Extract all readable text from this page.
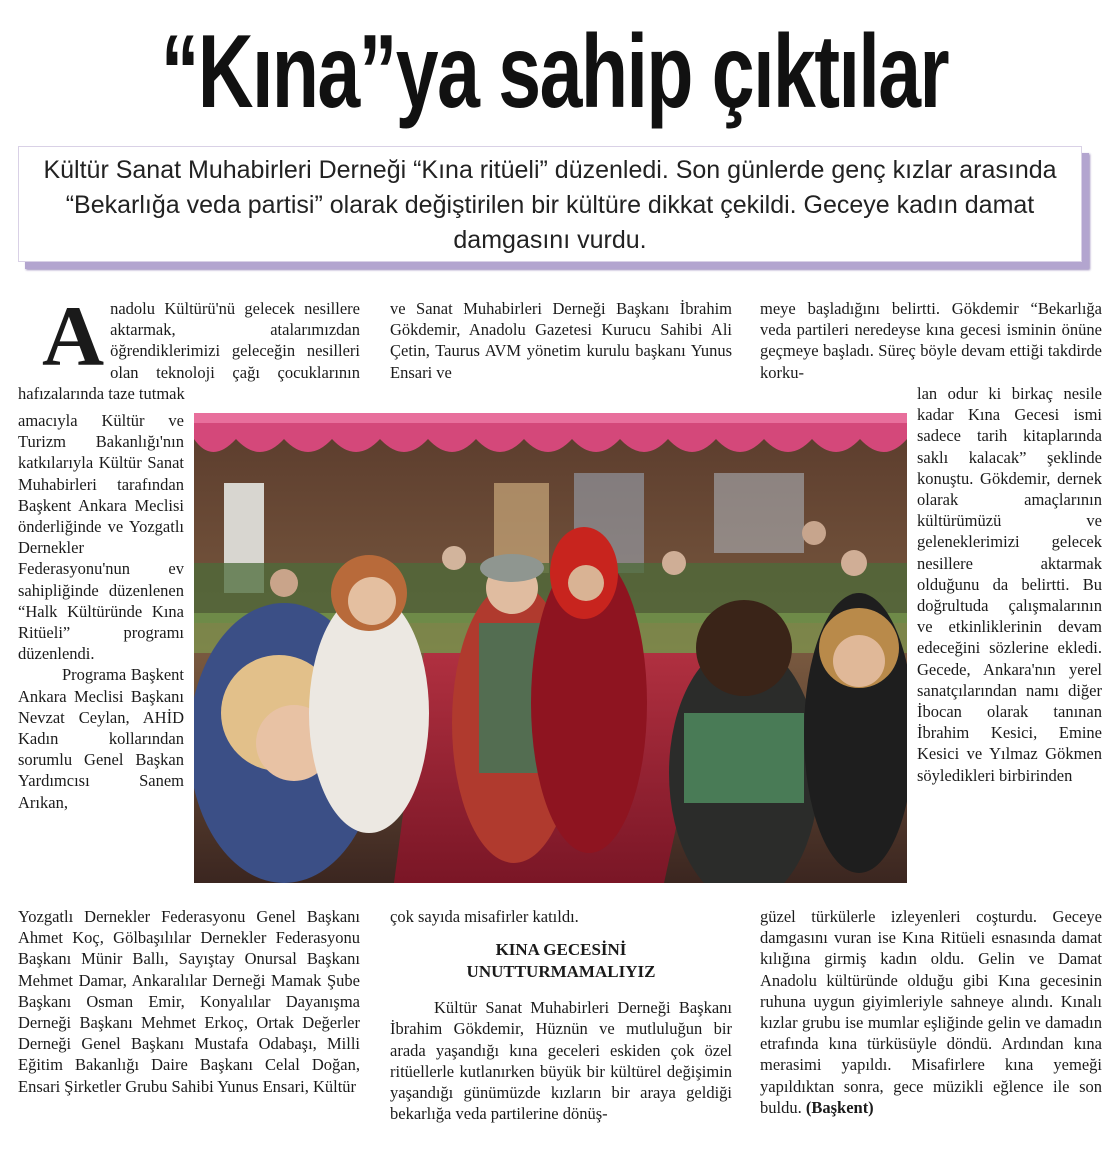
“Kına”ya sahip çıktılar
Kültür Sanat Muhabirleri Derneği “Kına ritüeli” düzenledi. Son günlerde genç kızlar arasında “Bekarlığa veda partisi” olarak değiştirilen bir kültüre dikkat çekildi. Geceye kadın damat damgasını vurdu.
A nadolu Kültürü'nü gelecek nesillere aktarmak, atalarımızdan öğrendiklerimizi geleceğin nesilleri olan teknoloji çağı çocuklarının hafızalarında taze tutmak

amacıyla Kültür ve Turizm Bakanlığı'nın katkılarıyla Kültür Sanat Muhabirleri tarafından Başkent Ankara Meclisi önderliğinde ve Yozgatlı Dernekler Federasyonu'nun ev sahipliğinde düzenlenen “Halk Kültüründe Kına Ritüeli” programı düzenlendi.

Programa Başkent Ankara Meclisi Başkanı Nevzat Ceylan, AHİD Kadın kollarından sorumlu Genel Başkan Yardımcısı Sanem Arıkan,

Yozgatlı Dernekler Federasyonu Genel Başkanı Ahmet Koç, Gölbaşılılar Dernekler Federasyonu Başkanı Münir Ballı, Sayıştay Onursal Başkanı Mehmet Damar, Ankaralılar Derneği Mamak Şube Başkanı Osman Emir, Konyalılar Dayanışma Derneği Başkanı Mehmet Erkoç, Ortak Değerler Derneği Genel Başkanı Mustafa Odabaşı, Milli Eğitim Bakanlığı Daire Başkanı Celal Doğan, Ensari Şirketler Grubu Sahibi Yunus Ensari, Kültür

ve Sanat Muhabirleri Derneği Başkanı İbrahim Gökdemir, Anadolu Gazetesi Kurucu Sahibi Ali Çetin, Taurus AVM yönetim kurulu başkanı Yunus Ensari ve

çok sayıda misafirler katıldı.

KINA GECESİNİ
UNUTTURMAMALIYIZ

Kültür Sanat Muhabirleri Derneği Başkanı İbrahim Gökdemir, Hüznün ve mutluluğun bir arada yaşandığı kına geceleri eskiden çok özel ritüellerle kutlanırken büyük bir kültürel değişimin yaşandığı günümüzde kızların bir araya geldiği bekarlığa veda partilerine dönüş-

meye başladığını belirtti. Gökdemir “Bekarlığa veda partileri neredeyse kına gecesi isminin önüne geçmeye başladı. Süreç böyle devam ettiği takdirde korku-

lan odur ki birkaç nesile kadar Kına Gecesi ismi sadece tarih kitaplarında saklı kalacak” şeklinde konuştu. Gökdemir, dernek olarak amaçlarının kültürümüzü ve geleneklerimizi gelecek nesillere aktarmak olduğunu da belirtti. Bu doğrultuda çalışmalarının ve etkinliklerinin devam edeceğini sözlerine ekledi. Gecede, Ankara'nın yerel sanatçılarından namı diğer İbocan olarak tanınan İbrahim Kesici, Emine Kesici ve Yılmaz Gökmen söyledikleri birbirinden

güzel türkülerle izleyenleri coşturdu. Geceye damgasını vuran ise Kına Ritüeli esnasında damat kılığına girmiş kadın oldu. Gelin ve Damat Anadolu kültüründe olduğu gibi Kına gecesinin ruhuna uygun giyimleriyle sahneye alındı. Kınalı kızlar grubu ise mumlar eşliğinde gelin ve damadın etrafında kına türküsüyle döndü. Ardından kına merasimi yapıldı. Misafirlere kına yemeği yapıldıktan sonra, gece müzikli eğlence ile son buldu. (Başkent)
